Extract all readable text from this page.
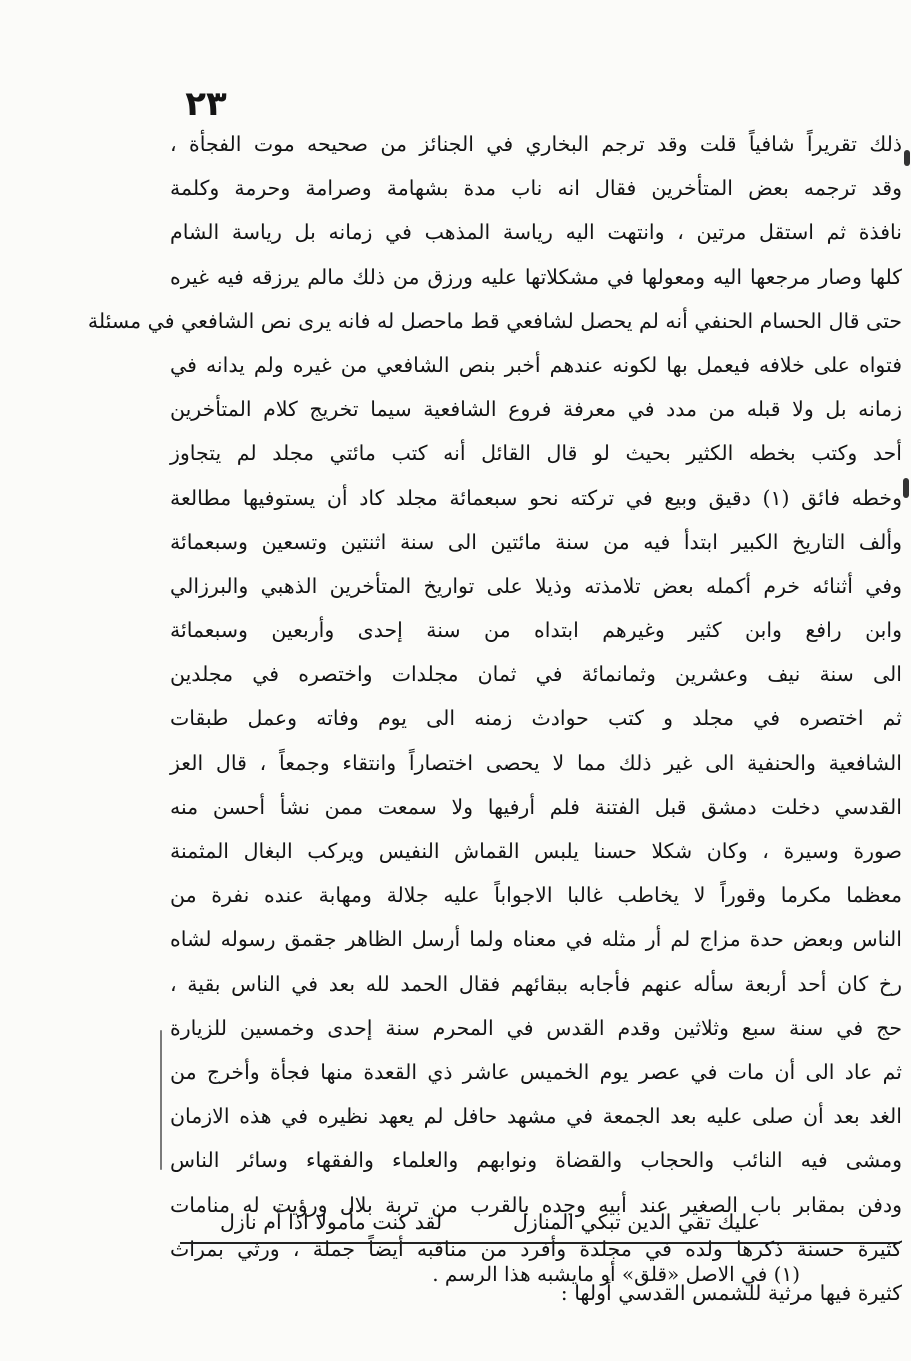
٢٣
ذلك تقريراً شافياً قلت وقد ترجم البخاري في الجنائز من صحيحه موت الفجأة ،
وقد ترجمه بعض المتأخرين فقال انه ناب مدة بشهامة وصرامة وحرمة وكلمة
نافذة ثم استقل مرتين ، وانتهت اليه رياسة المذهب في زمانه بل رياسة الشام
كلها وصار مرجعها اليه ومعولها في مشكلاتها عليه ورزق من ذلك مالم يرزقه فيه غيره
حتى قال الحسام الحنفي أنه لم يحصل لشافعي قط ماحصل له فانه يرى نص الشافعي في مسئلة
فتواه على خلافه فيعمل بها لكونه عندهم أخبر بنص الشافعي من غيره ولم يدانه في
زمانه بل ولا قبله من مدد في معرفة فروع الشافعية سيما تخريج كلام المتأخرين
أحد وكتب بخطه الكثير بحيث لو قال القائل أنه كتب مائتي مجلد لم يتجاوز
وخطه فائق (١) دقيق وبيع في تركته نحو سبعمائة مجلد كاد أن يستوفيها مطالعة
وألف التاريخ الكبير ابتدأ فيه من سنة مائتين الى سنة اثنتين وتسعين وسبعمائة
وفي أثنائه خرم أكمله بعض تلامذته وذيلا على تواريخ المتأخرين الذهبي والبرزالي
وابن رافع وابن كثير وغيرهم ابتداه من سنة إحدى وأربعين وسبعمائة
الى سنة نيف وعشرين وثمانمائة في ثمان مجلدات واختصره في مجلدين
ثم اختصره في مجلد و كتب حوادث زمنه الى يوم وفاته وعمل طبقات
الشافعية والحنفية الى غير ذلك مما لا يحصى اختصاراً وانتقاء وجمعاً ، قال العز
القدسي دخلت دمشق قبل الفتنة فلم أرفيها ولا سمعت ممن نشأ أحسن منه
صورة وسيرة ، وكان شكلا حسنا يلبس القماش النفيس ويركب البغال المثمنة
معظما مكرما وقوراً لا يخاطب غالبا الاجواباً عليه جلالة ومهابة عنده نفرة من
الناس وبعض حدة مزاج لم أر مثله في معناه ولما أرسل الظاهر جقمق رسوله لشاه
رخ كان أحد أربعة سأله عنهم فأجابه ببقائهم فقال الحمد لله بعد في الناس بقية ،
حج في سنة سبع وثلاثين وقدم القدس في المحرم سنة إحدى وخمسين للزيارة
ثم عاد الى أن مات في عصر يوم الخميس عاشر ذي القعدة منها فجأة وأخرج من
الغد بعد أن صلى عليه بعد الجمعة في مشهد حافل لم يعهد نظيره في هذه الازمان
ومشى فيه النائب والحجاب والقضاة ونوابهم والعلماء والفقهاء وسائر الناس
ودفن بمقابر باب الصغير عند أبيه وجده بالقرب من تربة بلال ورؤيت له منامات
كثيرة حسنة ذكرها ولده في مجلدة وأفرد من مناقبه أيضاً جملة ، ورثي بمراث
كثيرة فيها مرثية للشمس القدسي أولها :
عليك تقي الدين تبكي المنازل
لقد كنت مأمولا اذا أم نازل
(١) في الاصل «قلق» أو مايشبه هذا الرسم .
